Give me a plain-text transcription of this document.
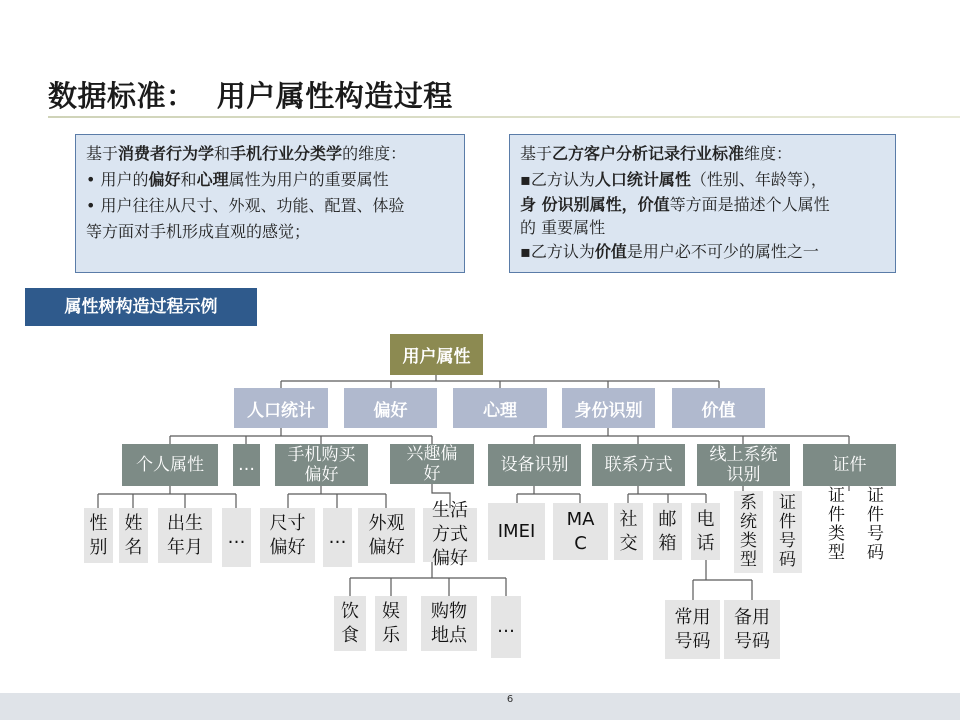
数据标准：  用户属性构造过程
基于消费者行为学和手机行业分类学的维度：
• 用户的偏好和心理属性为用户的重要属性
• 用户往往从尺寸、外观、功能、配置、体验
等方面对手机形成直观的感觉；
基于乙方客户分析记录行业标准维度：
▪乙方认为人口统计属性（性别、年龄等），
身 份识别属性，价值等方面是描述个人属性
的 重要属性
▪乙方认为价值是用户必不可少的属性之一
属性树构造过程示例
用户属性
人口统计	偏好	心理	身份识别	价值
个人属性	…	手机购买
偏好
兴趣偏
好	设备识别	联系方式	线上系统
识别	证件
性
别
姓
名
出生
年月	…
尺寸
偏好	…
外观
偏好
生活
方式
偏好
IMEI
MA
C
社
交
邮
箱
电
话
系
统
类
型
证
件
号
码
证
件
类
型
证
件
号
码
饮
食
娱
乐
购物
地点	…	常用
号码
备用
号码
6
